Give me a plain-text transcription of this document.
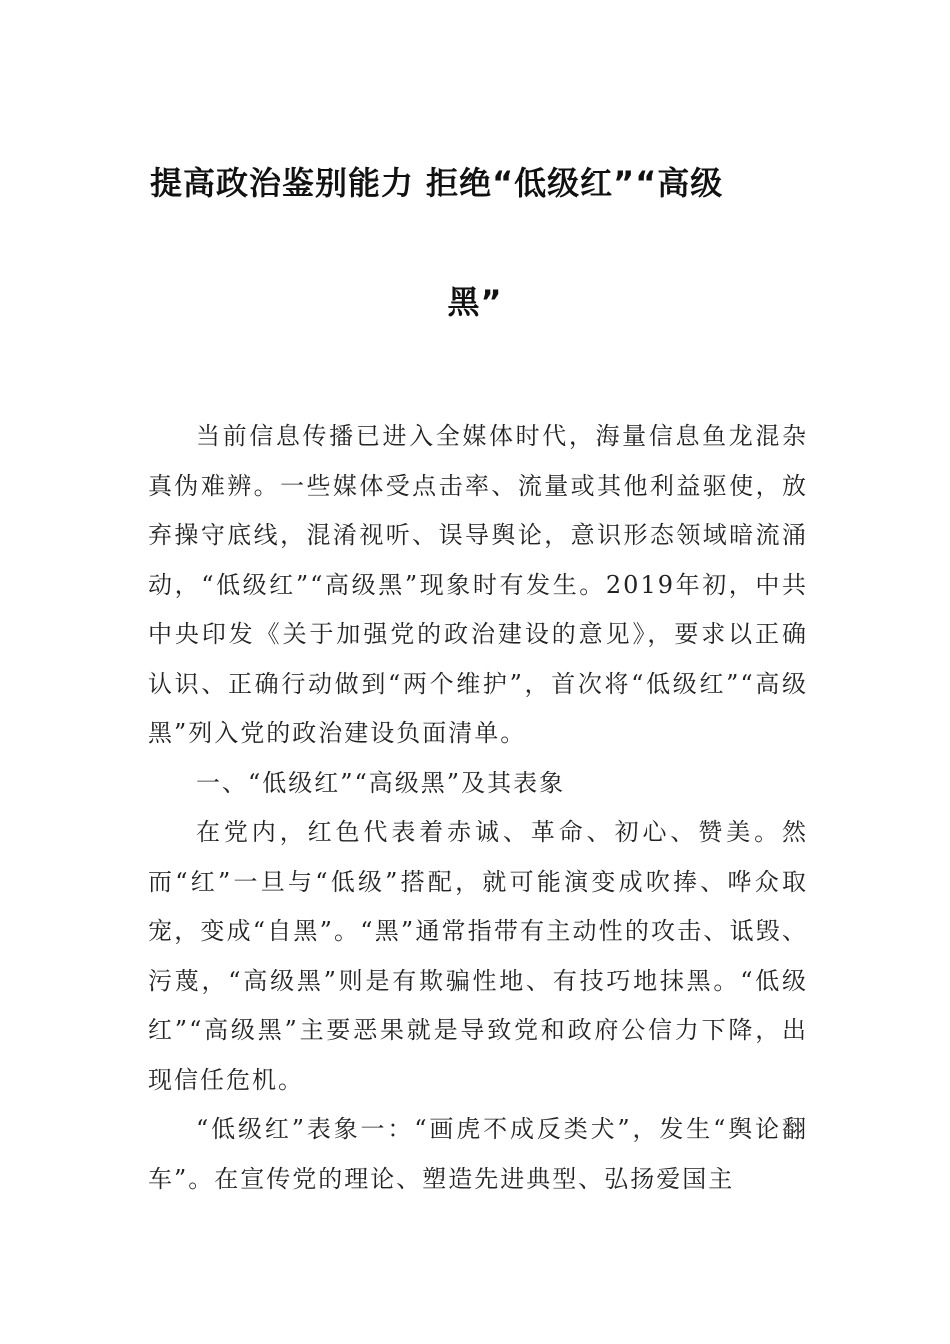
提高政治鉴别能力 拒绝“低级红”“高级
黑”

当前信息传播已进入全媒体时代，海量信息鱼龙混杂真伪难辨。一些媒体受点击率、流量或其他利益驱使，放弃操守底线，混淆视听、误导舆论，意识形态领域暗流涌动，“低级红”“高级黑”现象时有发生。2019年初，中共中央印发《关于加强党的政治建设的意见》，要求以正确认识、正确行动做到“两个维护”，首次将“低级红”“高级黑”列入党的政治建设负面清单。

一、“低级红”“高级黑”及其表象

在党内，红色代表着赤诚、革命、初心、赞美。然而“红”一旦与“低级”搭配，就可能演变成吹捧、哗众取宠，变成“自黑”。“黑”通常指带有主动性的攻击、诋毁、污蔑，“高级黑”则是有欺骗性地、有技巧地抹黑。“低级红”“高级黑”主要恶果就是导致党和政府公信力下降，出现信任危机。

“低级红”表象一：“画虎不成反类犬”，发生“舆论翻车”。在宣传党的理论、塑造先进典型、弘扬爱国主
